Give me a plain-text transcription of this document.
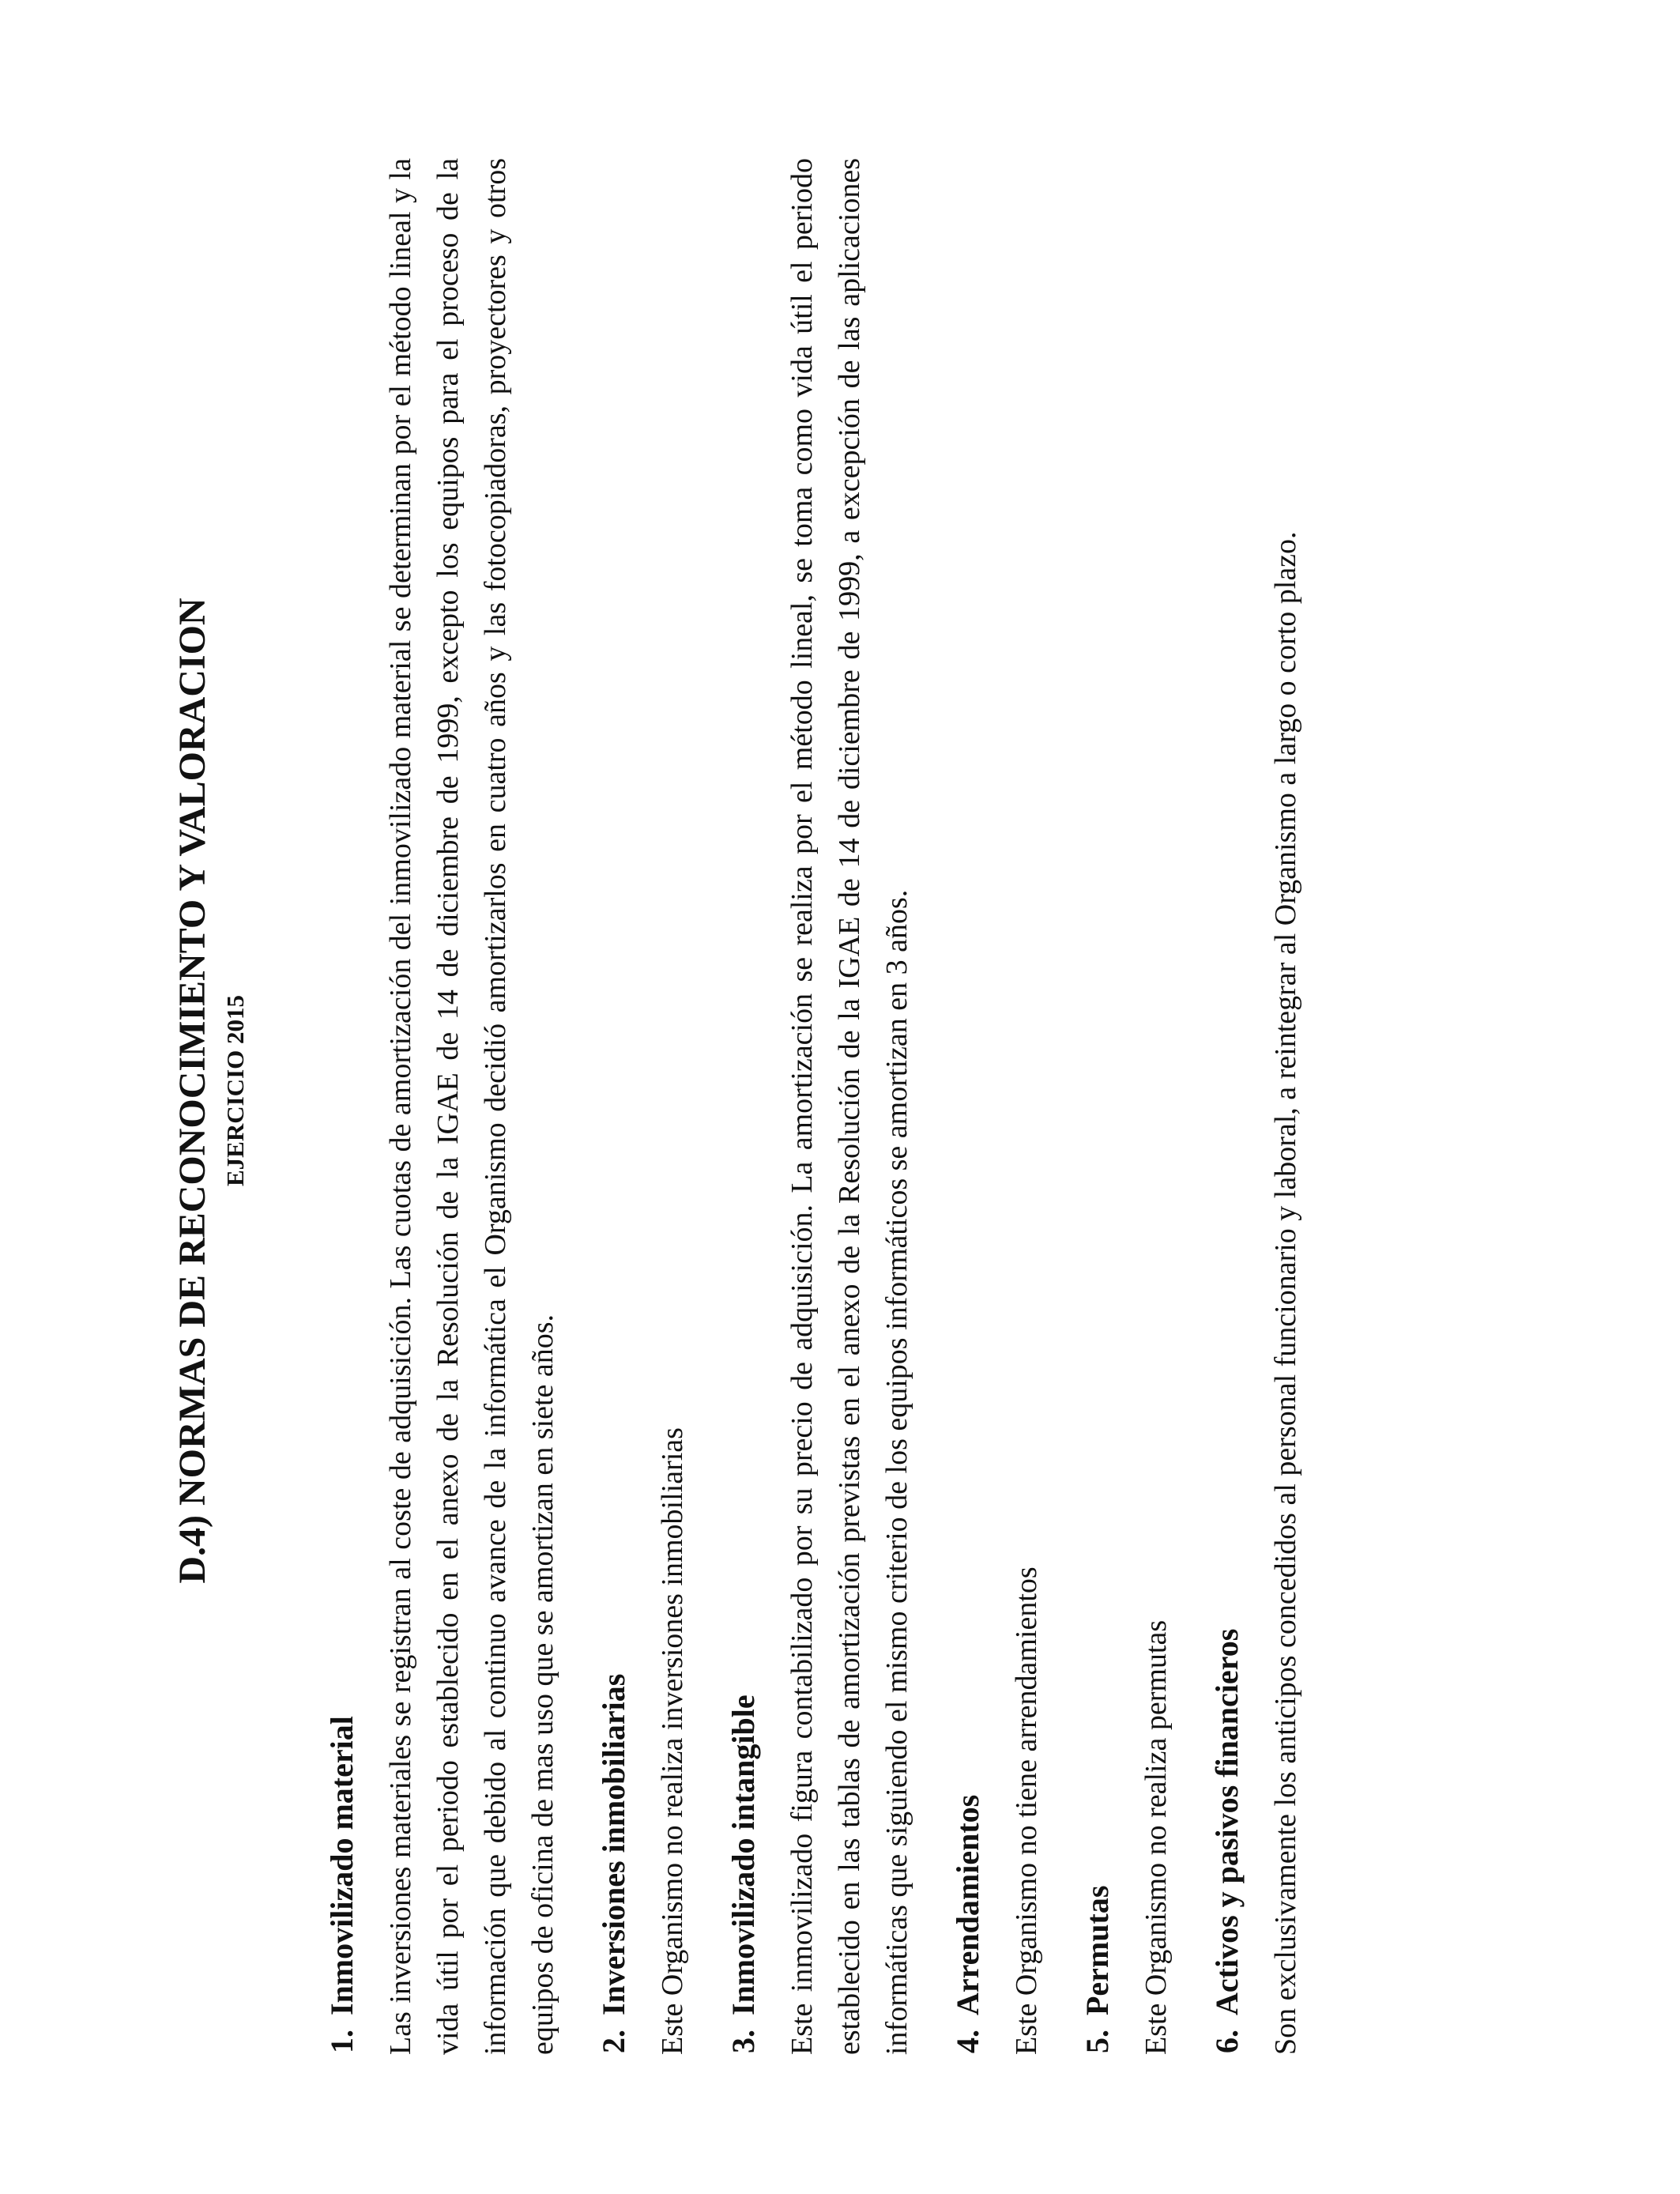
D.4) NORMAS DE RECONOCIMIENTO Y VALORACION EJERCICIO 2015
1.Inmovilizado material Las inversiones materiales se registran al coste de adquisición. Las cuotas de amortización del inmovilizado material se determinan por el método lineal y la vida útil por el periodo establecido en el anexo de la Resolución de la IGAE de 14 de diciembre de 1999, excepto los equipos para el proceso de la información que debido al continuo avance de la informática el Organismo decidió amortizarlos en cuatro años y las fotocopiadoras, proyectores y otros equipos de oficina de mas uso que se amortizan en siete años. 2.Inversiones inmobiliarias Este Organismo no realiza inversiones inmobiliarias 3.Inmovilizado intangible Este inmovilizado figura contabilizado por su precio de adquisición. La amortización se realiza por el método lineal, se toma como vida útil el periodo establecido en las tablas de amortización previstas en el anexo de la Resolución de la IGAE de 14 de diciembre de 1999, a excepción de las aplicaciones informáticas que siguiendo el mismo criterio de los equipos informáticos se amortizan en 3 años. 4.Arrendamientos Este Organismo no tiene arrendamientos 5.Permutas Este Organismo no realiza permutas 6.Activos y pasivos financieros Son exclusivamente los anticipos concedidos al personal funcionario y laboral, a reintegrar al Organismo a largo o corto plazo.
